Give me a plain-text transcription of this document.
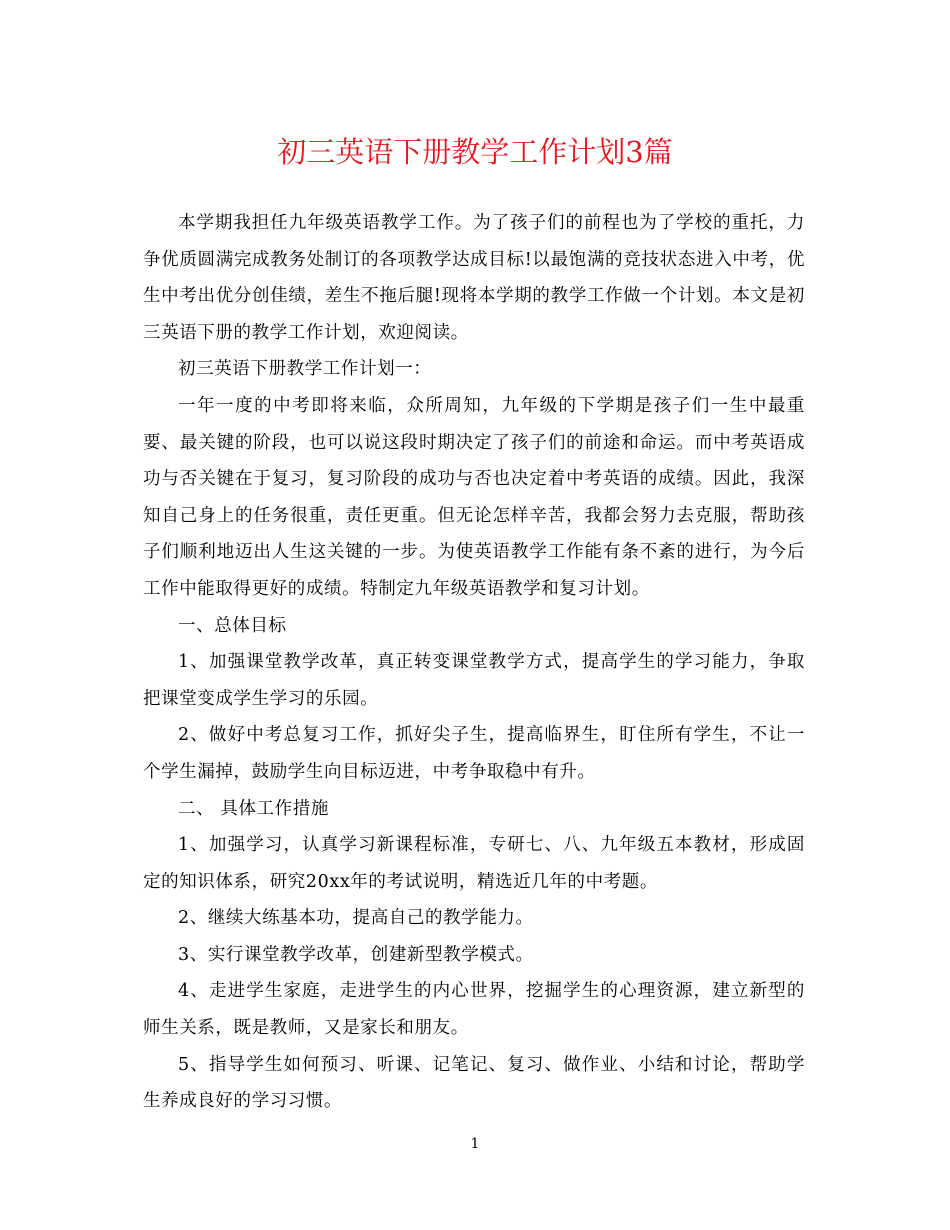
初三英语下册教学工作计划3篇

本学期我担任九年级英语教学工作。为了孩子们的前程也为了学校的重托，力争优质圆满完成教务处制订的各项教学达成目标!以最饱满的竞技状态进入中考，优生中考出优分创佳绩，差生不拖后腿!现将本学期的教学工作做一个计划。本文是初三英语下册的教学工作计划，欢迎阅读。

初三英语下册教学工作计划一：

一年一度的中考即将来临，众所周知，九年级的下学期是孩子们一生中最重要、最关键的阶段，也可以说这段时期决定了孩子们的前途和命运。而中考英语成功与否关键在于复习，复习阶段的成功与否也决定着中考英语的成绩。因此，我深知自己身上的任务很重，责任更重。但无论怎样辛苦，我都会努力去克服，帮助孩子们顺利地迈出人生这关键的一步。为使英语教学工作能有条不紊的进行，为今后工作中能取得更好的成绩。特制定九年级英语教学和复习计划。

一、总体目标

1、加强课堂教学改革，真正转变课堂教学方式，提高学生的学习能力，争取把课堂变成学生学习的乐园。

2、做好中考总复习工作，抓好尖子生，提高临界生，盯住所有学生，不让一个学生漏掉，鼓励学生向目标迈进，中考争取稳中有升。

二、 具体工作措施

1、加强学习，认真学习新课程标准，专研七、八、九年级五本教材，形成固定的知识体系，研究20xx年的考试说明，精选近几年的中考题。

2、继续大练基本功，提高自己的教学能力。

3、实行课堂教学改革，创建新型教学模式。

4、走进学生家庭，走进学生的内心世界，挖掘学生的心理资源，建立新型的师生关系，既是教师，又是家长和朋友。

5、指导学生如何预习、听课、记笔记、复习、做作业、小结和讨论，帮助学生养成良好的学习习惯。

1
